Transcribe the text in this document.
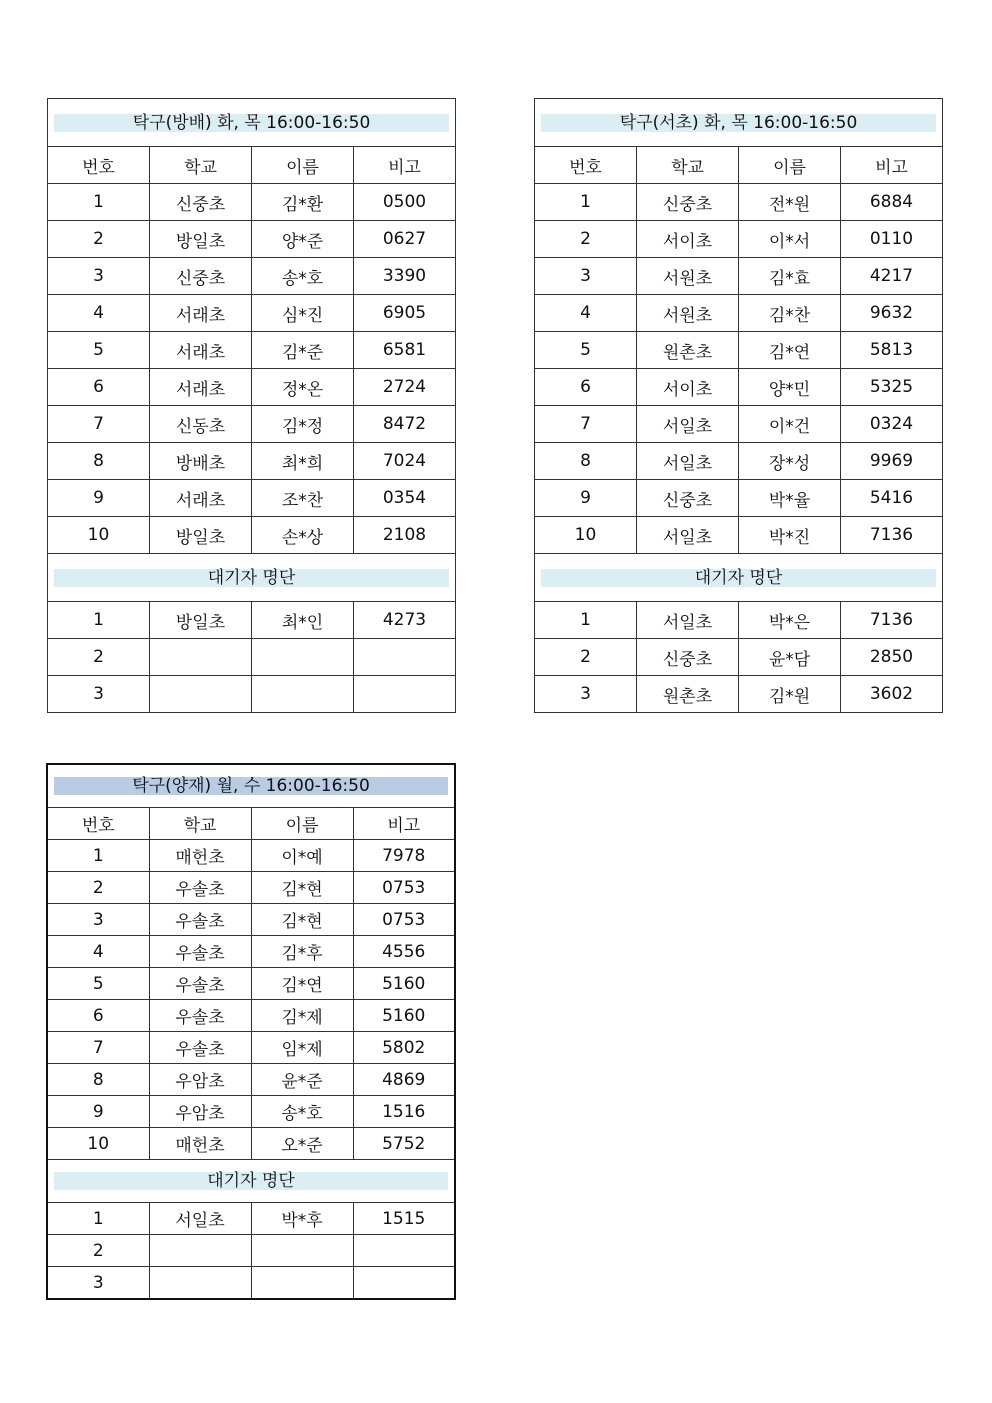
탁구(방배) 화, 목 16:00-16:50			

번호	학교	이름	비고
1	신중초	김*환	0500
2	방일초	양*준	0627
3	신중초	송*호	3390
4	서래초	심*진	6905
5	서래초	김*준	6581
6	서래초	정*온	2724
7	신동초	김*정	8472
8	방배초	최*희	7024
9	서래초	조*찬	0354
10	방일초	손*상	2108

대기자 명단			

1	방일초	최*인	4273
2			
3			
탁구(서초) 화, 목 16:00-16:50			

번호	학교	이름	비고
1	신중초	전*원	6884
2	서이초	이*서	0110
3	서원초	김*효	4217
4	서원초	김*찬	9632
5	원촌초	김*연	5813
6	서이초	양*민	5325
7	서일초	이*건	0324
8	서일초	장*성	9969
9	신중초	박*율	5416
10	서일초	박*진	7136

대기자 명단			

1	서일초	박*은	7136
2	신중초	윤*담	2850
3	원촌초	김*원	3602
탁구(양재) 월, 수 16:00-16:50			

번호	학교	이름	비고
1	매헌초	이*예	7978
2	우솔초	김*현	0753
3	우솔초	김*현	0753
4	우솔초	김*후	4556
5	우솔초	김*연	5160
6	우솔초	김*제	5160
7	우솔초	임*제	5802
8	우암초	윤*준	4869
9	우암초	송*호	1516
10	매헌초	오*준	5752

대기자 명단			

1	서일초	박*후	1515
2			
3			
